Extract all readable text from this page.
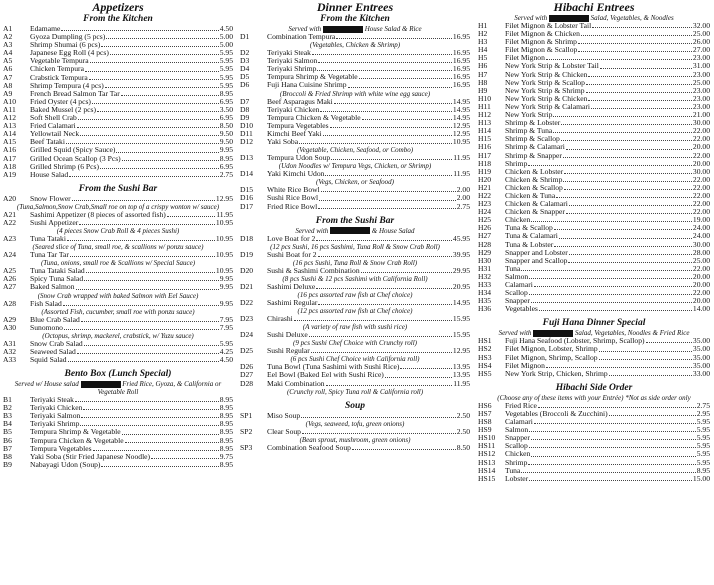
Appetizers
From the Kitchen
A1	Edamame	4.50
A2	Gyoza Dumpling (5 pcs)	5.00
A3	Shrimp Shumai (6 pcs)	5.00
A4	Japanese Egg Roll (4 pcs)	5.95
A5	Vegetable Tempura	5.95
A6	Chicken Tempura	5.95
A7	Crabstick Tempura	5.95
A8	Shrimp Tempura (4 pcs)	5.95
A9	French Bread Salmon Tar Tar	8.95
A10	Fried Oyster (4 pcs)	6.95
A11	Baked Mussel (2 pcs)	3.50
A12	Soft Shell Crab	6.95
A13	Fried Calamari	8.50
A14	Yellowtail Neck	9.50
A15	Beef Tataki	9.50
A16	Grilled Squid (Spicy Sauce)	9.95
A17	Grilled Ocean Scallop (3 Pcs)	8.95
A18	Grilled Shrimp (6 Pcs)	6.95
A19	House Salad	2.75
From the Sushi Bar
A20	Snow Flower	12.95
(Tuna,Salmon,Snow Crab,Small roe on top of a crispy wonton w/ sauce)
A21	Sashimi Appetizer (8 pieces of assorted fish)	11.95
A22	Sushi Appetizer	10.95
(4 pieces Snow Crab Roll & 4 pieces Sushi)
A23	Tuna Tataki	10.95
(Seared slice of Tuna, small roe, & scallions w/ ponzu sauce)
A24	Tuna Tar Tar	10.95
(Tuna, onions, small roe & Scallions w/ Special Sauce)
A25	Tuna Tataki Salad	10.95
A26	Spicy Tuna Salad	9.95
A27	Baked Salmon	9.95
(Snow Crab wrapped with baked Salmon with Eel Sauce)
A28	Fish Salad	9.95
(Assorted Fish, cucumber, small roe with ponzu sauce)
A29	Blue Crab Salad	7.95
A30	Sunomono	7.95
(Octopus, shrimp, mackerel, crabstick, w/ Yuzu sauce)
A31	Snow Crab Salad	5.95
A32	Seaweed Salad	4.25
A33	Squid Salad	4.50
Bento Box (Lunch Special)
Served w/ House salad	Fried Rice, Gyoza, & California or Vegetable Roll
B1	Teriyaki Steak	8.95
B2	Teriyaki Chicken	8.95
B3	Teriyaki Salmon	8.95
B4	Teriyaki Shrimp	8.95
B5	Tempura Shrimp & Vegetable	8.95
B6	Tempura Chicken & Vegetable	8.95
B7	Tempura Vegetables	8.95
B8	Yaki Soba (Stir Fried Japanese Noodle)	9.75
B9	Nabayagi Udon (Soup)	8.95
Dinner Entrees
From the Kitchen
Served with	House Salad & Rice
D1	Combination Tempura	16.95
(Vegetables, Chicken & Shrimp)
D2	Teriyaki Steak	16.95
D3	Teriyaki Salmon	16.95
D4	Teriyaki Shrimp	16.95
D5	Tempura Shrimp & Vegetable	16.95
D6	Fuji Hana Cuisine Shrimp	16.95
(Broccoli & Fried Shrimp with white wine egg sauce)
D7	Beef Asparagus Maki	14.95
D8	Teriyaki Chicken	14.95
D9	Tempura Chicken & Vegetable	14.95
D10	Tempura Vegetables	12.95
D11	Kimchi Beef Yaki	12.95
D12	Yaki Soba	10.95
(Vegetable, Chicken, Seafood, or Combo)
D13	Tempura Udon Soup	11.95
(Udon Noodles w/ Tempura Vegs, Chicken, or Shrimp)
D14	Yaki Kimchi Udon	11.95
(Vegs, Chicken, or Seafood)
D15	White Rice Bowl	2.00
D16	Sushi Rice Bowl	2.00
D17	Fried Rice Bowl	2.75
From the Sushi Bar
Served with	& House Salad
D18	Love Boat for 2	45.95
(12 pcs Sushi, 16 pcs Sashimi, Tuna Roll & Snow Crab Roll)
D19	Sushi Boat for 2	39.95
(16 pcs Sushi, Tuna Roll & Snow Crab Roll)
D20	Sushi & Sashimi Combination	29.95
(8 pcs Sushi & 12 pcs Sashimi with California Roll)
D21	Sashimi Deluxe	20.95
(16 pcs assorted raw fish at Chef choice)
D22	Sashimi Regular	14.95
(12 pcs assorted raw fish at Chef choice)
D23	Chirashi	15.95
(A variety of raw fish with sushi rice)
D24	Sushi Deluxe	15.95
(9 pcs Sushi Chef Choice with Crunchy roll)
D25	Sushi Regular	12.95
(6 pcs Sushi Chef Choice with California roll)
D26	Tuna Bowl (Tuna Sashimi with Sushi Rice)	13.95
D27	Eel Bowl (Baked Eel with Sushi Rice)	13.95
D28	Maki Combination	11.95
(Crunchy roll, Spicy Tuna roll & California roll)
Soup
SP1	Miso Soup	2.50
(Vegs, seaweed, tofu, green onions)
SP2	Clear Soup	2.50
(Bean sprout, mushroom, green onions)
SP3	Combination Seafood Soup	8.50
Hibachi Entrees
Served with	Salad, Vegetables, & Noodles
H1	Filet Mignon & Lobster Tail	32.00
H2	Filet Mignon & Chicken	25.00
H3	Filet Mignon & Shrimp	26.00
H4	Filet Mignon & Scallop	27.00
H5	Filet Mignon	23.00
H6	New York Strip & Lobster Tail	31.00
H7	New York Strip & Chicken	23.00
H8	New York Strip & Scallop	25.00
H9	New York Strip & Shrimp	23.00
H10	New York Strip & Chicken	23.00
H11	New York Strip & Calamari	23.00
H12	New York Strip	21.00
H13	Shrimp & Lobster	30.00
H14	Shrimp & Tuna	22.00
H15	Shrimp & Scallop	22.00
H16	Shrimp & Calamari	20.00
H17	Shrimp & Snapper	22.00
H18	Shrimp	20.00
H19	Chicken & Lobster	30.00
H20	Chicken & Shrimp	22.00
H21	Chicken & Scallop	22.00
H22	Chicken & Tuna	22.00
H23	Chicken & Calamari	22.00
H24	Chicken & Snapper	22.00
H25	Chicken	19.00
H26	Tuna & Scallop	24.00
H27	Tuna & Calamari	24.00
H28	Tuna & Lobster	30.00
H29	Snapper and Lobster	28.00
H30	Snapper and Scallop	25.00
H31	Tuna	22.00
H32	Salmon	20.00
H33	Calamari	20.00
H34	Scallop	22.00
H35	Snapper	20.00
H36	Vegetables	14.00
Fuji Hana Dinner Special
Served with	Salad, Vegetables, Noodles & Fried Rice
HS1	Fuji Hana Seafood (Lobster, Shrimp, Scallop)	35.00
HS2	Filet Mignon, Lobster, Shrimp	35.00
HS3	Filet Mignon, Shrimp, Scallop	35.00
HS4	Filet Mignon	35.00
HS5	New York Strip, Chicken, Shrimp	33.00
Hibachi Side Order
(Choose any of these items with your Entrée) *Not as side order only
HS6	Fried Rice	2.75
HS7	Vegetables (Broccoli & Zucchini)	2.95
HS8	Calamari	5.95
HS9	Salmon	5.95
HS10	Snapper	5.95
HS11	Scallop	5.95
HS12	Chicken	5.95
HS13	Shrimp	5.95
HS14	Tuna	8.95
HS15	Lobster	15.00
